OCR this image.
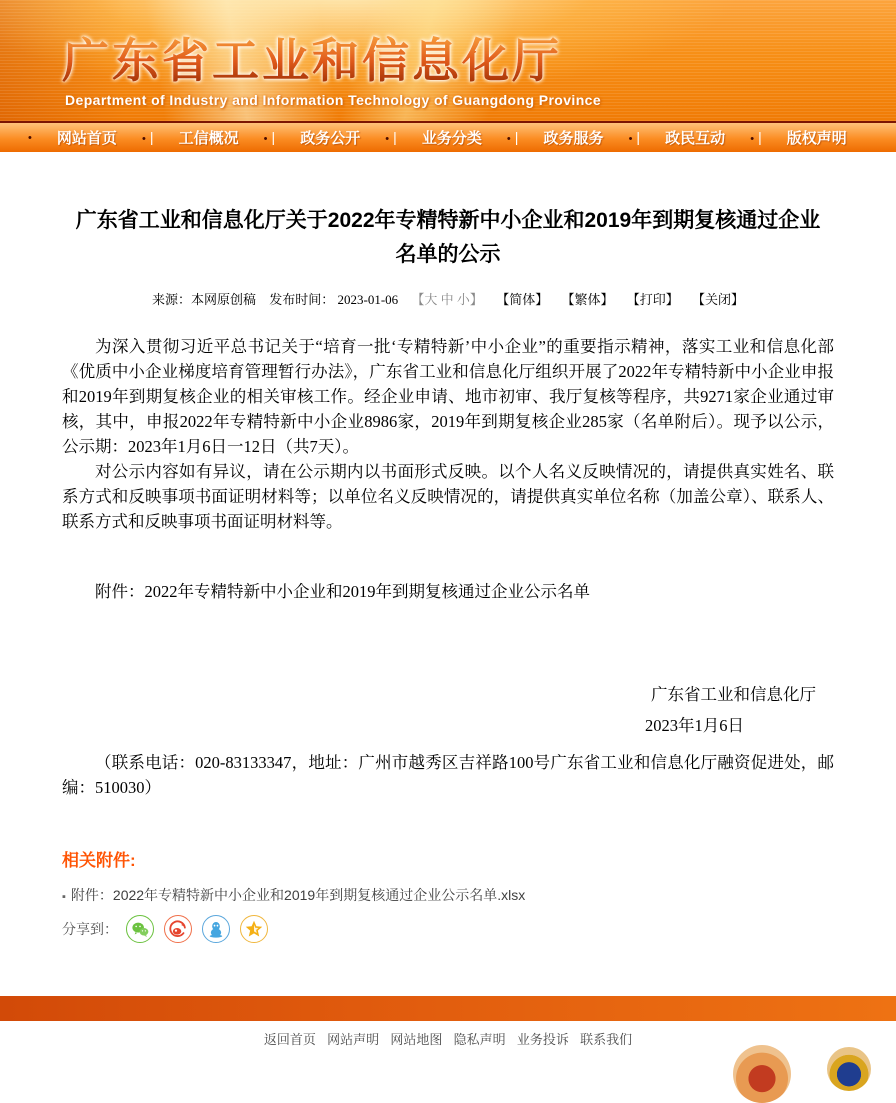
广东省工业和信息化厅
Department of Industry and Information Technology of Guangdong Province
• 网站首页 • | 工信概况 • | 政务公开 • | 业务分类 • | 政务服务 • | 政民互动 • | 版权声明
广东省工业和信息化厅关于2022年专精特新中小企业和2019年到期复核通过企业名单的公示
来源：本网原创稿 发布时间： 2023-01-06 【大 中 小】 【简体】 【繁体】 【打印】 【关闭】

为深入贯彻习近平总书记关于“培育一批‘专精特新’中小企业”的重要指示精神，落实工业和信息化部《优质中小企业梯度培育管理暂行办法》，广东省工业和信息化厅组织开展了2022年专精特新中小企业申报和2019年到期复核企业的相关审核工作。经企业申请、地市初审、我厅复核等程序，共9271家企业通过审核，其中，申报2022年专精特新中小企业8986家，2019年到期复核企业285家（名单附后）。现予以公示，公示期：2023年1月6日一12日（共7天）。

对公示内容如有异议，请在公示期内以书面形式反映。以个人名义反映情况的，请提供真实姓名、联系方式和反映事项书面证明材料等；以单位名义反映情况的，请提供真实单位名称（加盖公章）、联系人、联系方式和反映事项书面证明材料等。

附件：2022年专精特新中小企业和2019年到期复核通过企业公示名单

广东省工业和信息化厅
2023年1月6日

（联系电话：020-83133347，地址：广州市越秀区吉祥路100号广东省工业和信息化厅融资促进处，邮编：510030）

相关附件:
▪ 附件：2022年专精特新中小企业和2019年到期复核通过企业公示名单.xlsx
分享到：
返回首页 网站声明 网站地图 隐私声明 业务投诉 联系我们
